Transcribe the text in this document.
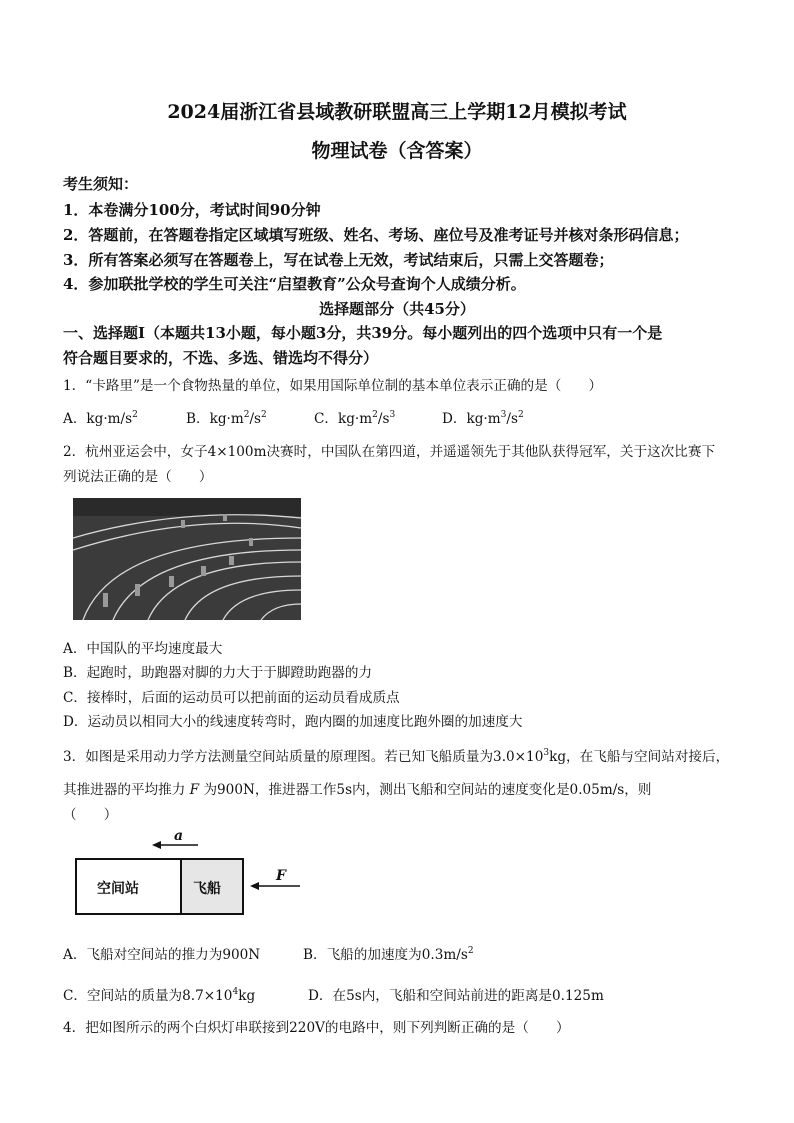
2024届浙江省县域教研联盟高三上学期12月模拟考试
物理试卷（含答案）
考生须知：
1．本卷满分100分，考试时间90分钟
2．答题前，在答题卷指定区域填写班级、姓名、考场、座位号及准考证号并核对条形码信息；
3．所有答案必须写在答题卷上，写在试卷上无效，考试结束后，只需上交答题卷；
4．参加联批学校的学生可关注“启望教育”公众号查询个人成绩分析。
选择题部分（共45分）
一、选择题Ⅰ（本题共13小题，每小题3分，共39分。每小题列出的四个选项中只有一个是
符合题目要求的，不选、多选、错选均不得分）
1．“卡路里”是一个食物热量的单位，如果用国际单位制的基本单位表示正确的是（　　）
A．$kg\cdot m/s^2$	B．$kg\cdot m^2/s^2$	C．$kg\cdot m^2/s^3$	D．$kg\cdot m^3/s^2$
2．杭州亚运会中，女子4×100m决赛时，中国队在第四道，并遥遥领先于其他队获得冠军，关于这次比赛下
列说法正确的是（　　）
A．中国队的平均速度最大
B．起跑时，助跑器对脚的力大于于脚蹬助跑器的力
C．接棒时，后面的运动员可以把前面的运动员看成质点
D．运动员以相同大小的线速度转弯时，跑内圈的加速度比跑外圈的加速度大
3．如图是采用动力学方法测量空间站质量的原理图。若已知飞船质量为$3.0\times 10^3kg$，在飞船与空间站对接后，
其推进器的平均推力 F 为900N，推进器工作5s内，测出飞船和空间站的速度变化是0.05m/s，则
（　　）
a
空间站	飞船
F
A．飞船对空间站的推力为900N	B．飞船的加速度为$0.3m/s^2$
C．空间站的质量为$8.7\times 10^4kg$	D．在5s内，飞船和空间站前进的距离是0.125m
4．把如图所示的两个白炽灯串联接到220V的电路中，则下列判断正确的是（　　）
